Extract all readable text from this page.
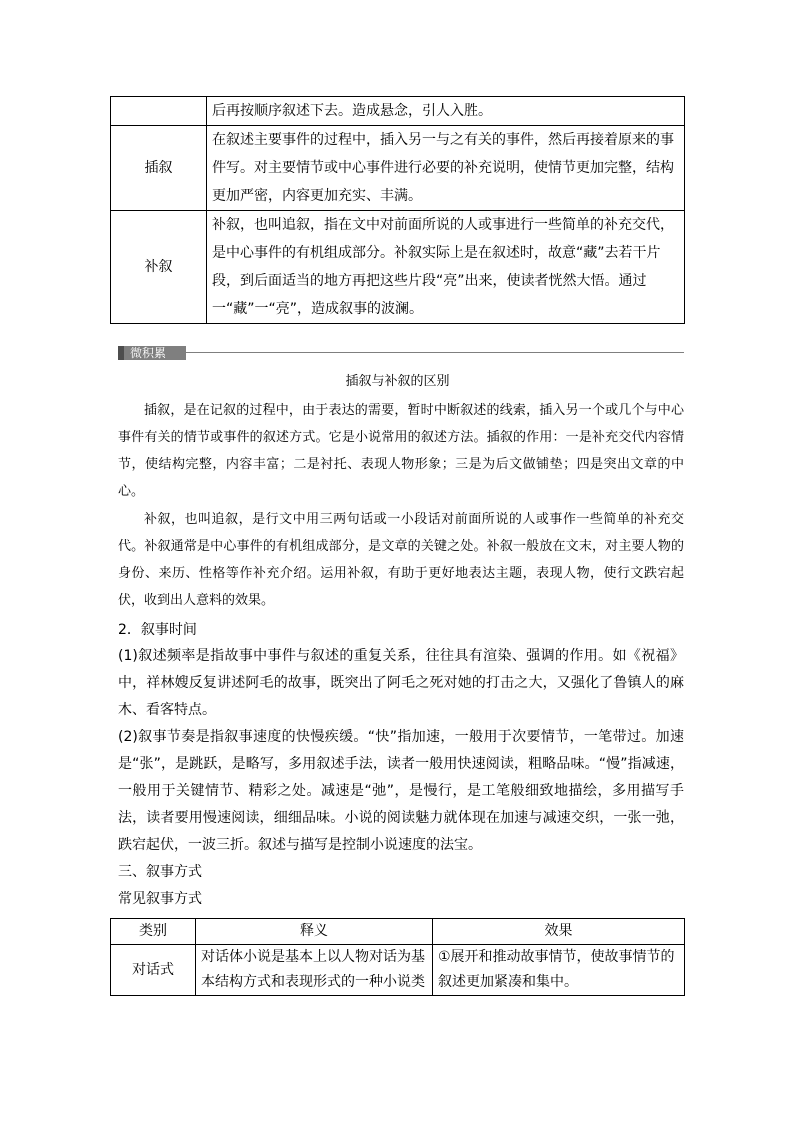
	后再按顺序叙述下去。造成悬念，引人入胜。
插叙	在叙述主要事件的过程中，插入另一与之有关的事件，然后再接着原来的事件写。对主要情节或中心事件进行必要的补充说明，使情节更加完整，结构更加严密，内容更加充实、丰满。
补叙	补叙，也叫追叙，指在文中对前面所说的人或事进行一些简单的补充交代，是中心事件的有机组成部分。补叙实际上是在叙述时，故意“藏”去若干片段，到后面适当的地方再把这些片段“亮”出来，使读者恍然大悟。通过一“藏”一“亮”，造成叙事的波澜。
微积累
插叙与补叙的区别
插叙，是在记叙的过程中，由于表达的需要，暂时中断叙述的线索，插入另一个或几个与中心事件有关的情节或事件的叙述方式。它是小说常用的叙述方法。插叙的作用：一是补充交代内容情节，使结构完整，内容丰富；二是衬托、表现人物形象；三是为后文做铺垫；四是突出文章的中心。
补叙，也叫追叙，是行文中用三两句话或一小段话对前面所说的人或事作一些简单的补充交代。补叙通常是中心事件的有机组成部分，是文章的关键之处。补叙一般放在文末，对主要人物的身份、来历、性格等作补充介绍。运用补叙，有助于更好地表达主题，表现人物，使行文跌宕起伏，收到出人意料的效果。
2．叙事时间
(1)叙述频率是指故事中事件与叙述的重复关系，往往具有渲染、强调的作用。如《祝福》中，祥林嫂反复讲述阿毛的故事，既突出了阿毛之死对她的打击之大，又强化了鲁镇人的麻木、看客特点。
(2)叙事节奏是指叙事速度的快慢疾缓。“快”指加速，一般用于次要情节，一笔带过。加速是“张”，是跳跃，是略写，多用叙述手法，读者一般用快速阅读，粗略品味。“慢”指减速，一般用于关键情节、精彩之处。减速是“弛”，是慢行，是工笔般细致地描绘，多用描写手法，读者要用慢速阅读，细细品味。小说的阅读魅力就体现在加速与减速交织，一张一弛，跌宕起伏，一波三折。叙述与描写是控制小说速度的法宝。
三、叙事方式
常见叙事方式
类别	释义	效果
对话式	对话体小说是基本上以人物对话为基本结构方式和表现形式的一种小说类	①展开和推动故事情节，使故事情节的叙述更加紧凑和集中。
